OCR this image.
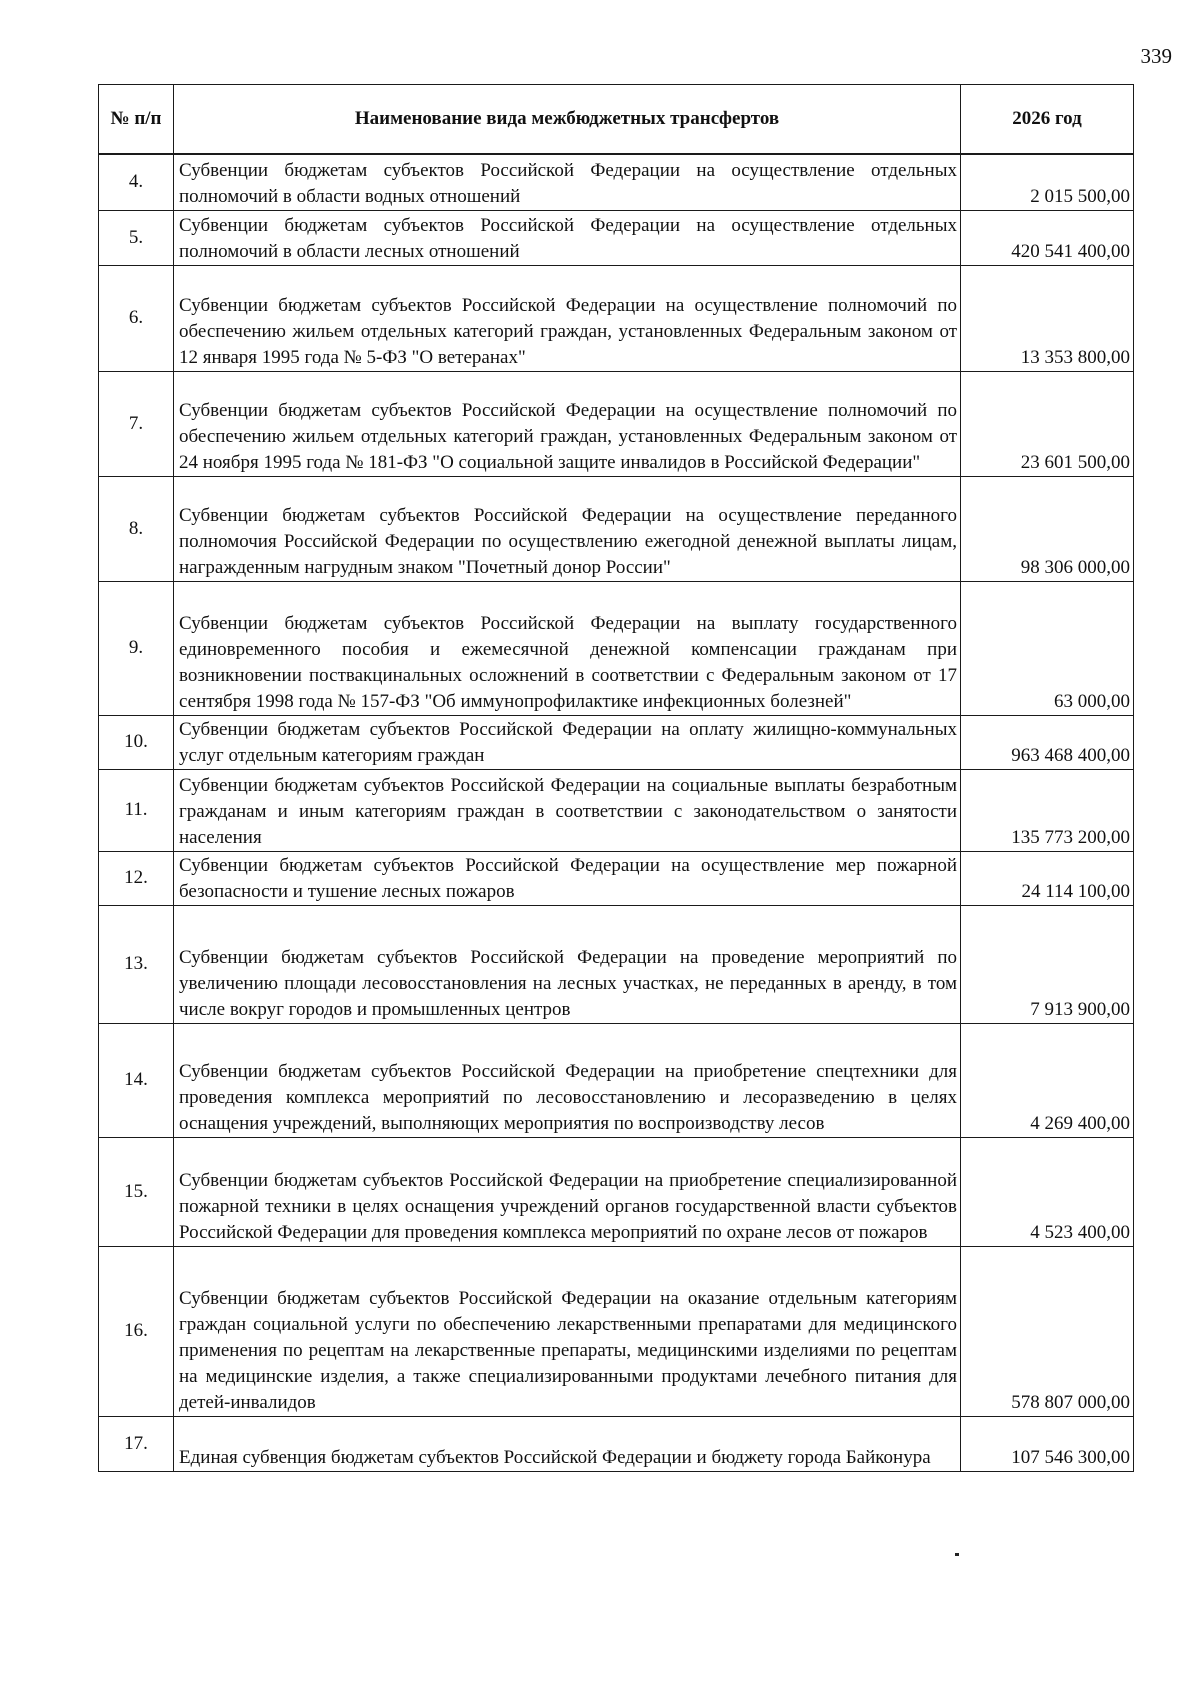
339
№ п/п	Наименование вида межбюджетных трансфертов	2026 год
4.	Субвенции бюджетам субъектов Российской Федерации на осуществление отдельных полномочий в области водных отношений	2 015 500,00
5.	Субвенции бюджетам субъектов Российской Федерации на осуществление отдельных полномочий в области лесных отношений	420 541 400,00
6.	Субвенции бюджетам субъектов Российской Федерации на осуществление полномочий по обеспечению жильем отдельных категорий граждан, установленных Федеральным законом от 12 января 1995 года № 5-ФЗ "О ветеранах"	13 353 800,00
7.	Субвенции бюджетам субъектов Российской Федерации на осуществление полномочий по обеспечению жильем отдельных категорий граждан, установленных Федеральным законом от 24 ноября 1995 года № 181-ФЗ "О социальной защите инвалидов в Российской Федерации"	23 601 500,00
8.	Субвенции бюджетам субъектов Российской Федерации на осуществление переданного полномочия Российской Федерации по осуществлению ежегодной денежной выплаты лицам, награжденным нагрудным знаком "Почетный донор России"	98 306 000,00
9.	Субвенции бюджетам субъектов Российской Федерации на выплату государственного единовременного пособия и ежемесячной денежной компенсации гражданам при возникновении поствакцинальных осложнений в соответствии с Федеральным законом от 17 сентября 1998 года № 157-ФЗ "Об иммунопрофилактике инфекционных болезней"	63 000,00
10.	Субвенции бюджетам субъектов Российской Федерации на оплату жилищно-коммунальных услуг отдельным категориям граждан	963 468 400,00
11.	Субвенции бюджетам субъектов Российской Федерации на социальные выплаты безработным гражданам и иным категориям граждан в соответствии с законодательством о занятости населения	135 773 200,00
12.	Субвенции бюджетам субъектов Российской Федерации на осуществление мер пожарной безопасности и тушение лесных пожаров	24 114 100,00
13.	Субвенции бюджетам субъектов Российской Федерации на проведение мероприятий по увеличению площади лесовосстановления на лесных участках, не переданных в аренду, в том числе вокруг городов и промышленных центров	7 913 900,00
14.	Субвенции бюджетам субъектов Российской Федерации на приобретение спецтехники для проведения комплекса мероприятий по лесовосстановлению и лесоразведению в целях оснащения учреждений, выполняющих мероприятия по воспроизводству лесов	4 269 400,00
15.	Субвенции бюджетам субъектов Российской Федерации на приобретение специализированной пожарной техники в целях оснащения учреждений органов государственной власти субъектов Российской Федерации для проведения комплекса мероприятий по охране лесов от пожаров	4 523 400,00
16.	Субвенции бюджетам субъектов Российской Федерации на оказание отдельным категориям граждан социальной услуги по обеспечению лекарственными препаратами для медицинского применения по рецептам на лекарственные препараты, медицинскими изделиями по рецептам на медицинские изделия, а также специализированными продуктами лечебного питания для детей-инвалидов	578 807 000,00
17.	Единая субвенция бюджетам субъектов Российской Федерации и бюджету города Байконура	107 546 300,00
